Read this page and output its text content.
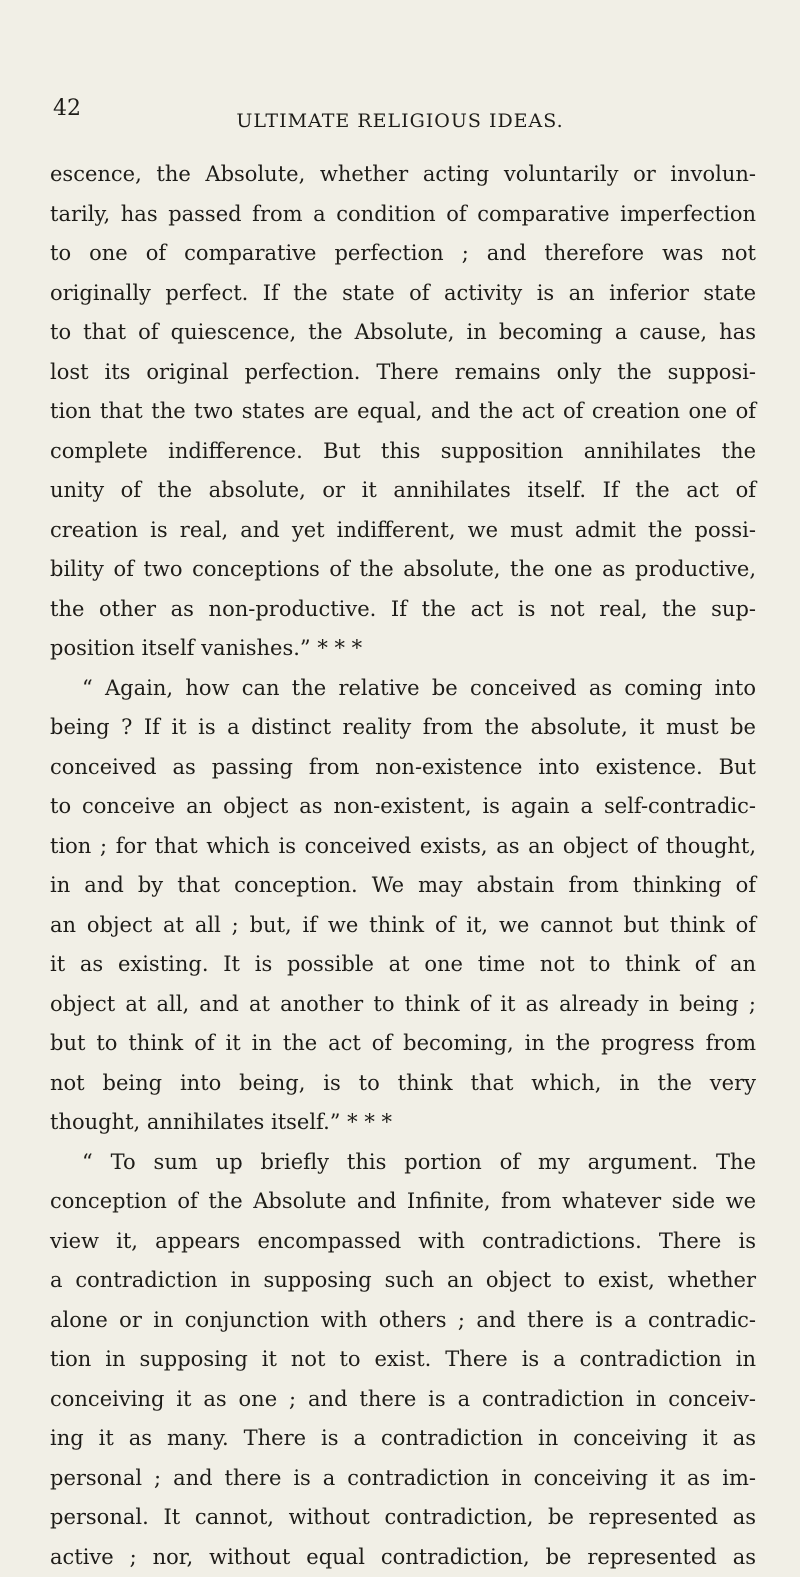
42	ULTIMATE RELIGIOUS IDEAS.
escence, the Absolute, whether acting voluntarily or involun-
tarily, has passed from a condition of comparative imperfection
to one of comparative perfection ; and therefore was not
originally perfect. If the state of activity is an inferior state
to that of quiescence, the Absolute, in becoming a cause, has
lost its original perfection. There remains only the supposi-
tion that the two states are equal, and the act of creation one of
complete indifference. But this supposition annihilates the
unity of the absolute, or it annihilates itself. If the act of
creation is real, and yet indifferent, we must admit the possi-
bility of two conceptions of the absolute, the one as productive,
the other as non-productive. If the act is not real, the sup-
position itself vanishes.” * * *
“ Again, how can the relative be conceived as coming into
being ? If it is a distinct reality from the absolute, it must be
conceived as passing from non-existence into existence. But
to conceive an object as non-existent, is again a self-contradic-
tion ; for that which is conceived exists, as an object of thought,
in and by that conception. We may abstain from thinking of
an object at all ; but, if we think of it, we cannot but think of
it as existing. It is possible at one time not to think of an
object at all, and at another to think of it as already in being ;
but to think of it in the act of becoming, in the progress from
not being into being, is to think that which, in the very
thought, annihilates itself.” * * *
“ To sum up briefly this portion of my argument. The
conception of the Absolute and Infinite, from whatever side we
view it, appears encompassed with contradictions. There is
a contradiction in supposing such an object to exist, whether
alone or in conjunction with others ; and there is a contradic-
tion in supposing it not to exist. There is a contradiction in
conceiving it as one ; and there is a contradiction in conceiv-
ing it as many. There is a contradiction in conceiving it as
personal ; and there is a contradiction in conceiving it as im-
personal. It cannot, without contradiction, be represented as
active ; nor, without equal contradiction, be represented as
